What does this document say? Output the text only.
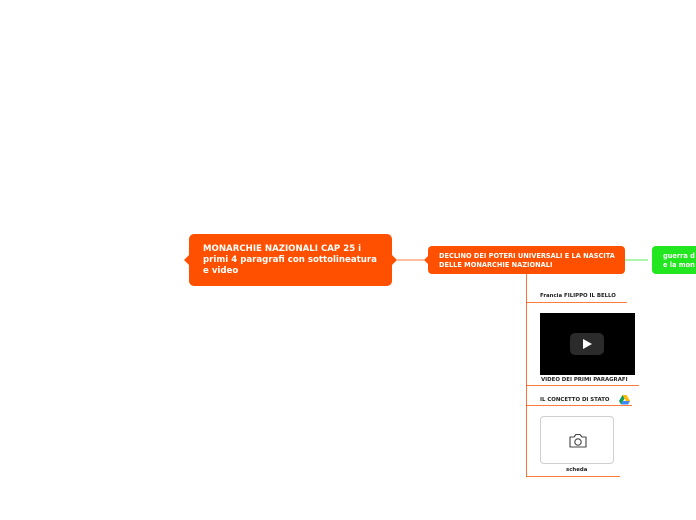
MONARCHIE NAZIONALI CAP 25 i primi 4 paragrafi con sottolineatura e video
DECLINO DEI POTERI UNIVERSALI E LA NASCITA DELLE MONARCHIE NAZIONALI
guerra d
e la mon
Francia FILIPPO IL BELLO
VIDEO DEI PRIMI PARAGRAFI
IL CONCETTO DI STATO
scheda
